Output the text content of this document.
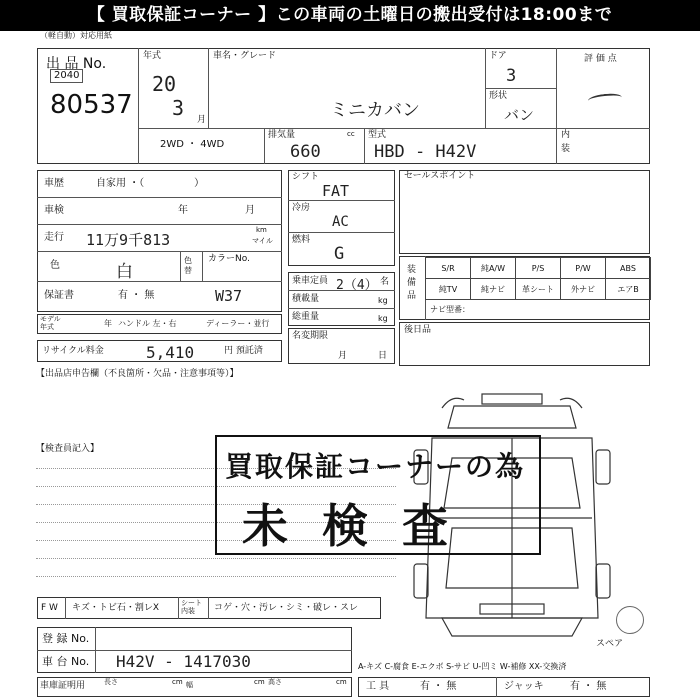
【 買取保証コーナー 】この車両の土曜日の搬出受付は18:00まで
（軽自動）対応用紙
出 品 No.
2040
80537
年式
20
3 月
車名・グレード
ミニカバン
ドア
3
形状
バン
評 価 点
内
装
2WD ・ 4WD
排気量	cc
660
型式
HBD - H42V
車歴	自家用 ・（　　　　　）
車検	年	月
走行 11万9千813
km
マイル
色	白
色替
カラーNo.
保証書	有 ・ 無	W37
モデル年式	年 ハンドル 左・右	ディーラー・並行
リサイクル料金	5,410	円 預託済
【出品店申告欄（不良箇所・欠品・注意事項等）】
シフト
FAT
冷房
AC
燃料
G
乗車定員 2（4） 名
積載量	kg
総重量	kg
名変期限
月	日
セールスポイント
装備品
ナビ型番：
後日品
スペア
【検査員記入】
買取保証コーナーの為
未検査
F W キズ・トビ石・割レX	シート内装	コゲ・穴・汚レ・シミ・破レ・スレ
登 録 No.
車 台 No. H42V - 1417030
車庫証明用	長さ	cm 幅	cm 高さ	cm
A-キズ C-腐食 E-エクボ S-サビ U-凹ミ W-補修 XX-交換済
工 具	有 ・ 無	ジャッキ	有 ・ 無
S/R	純A/W	P/S	P/W	ABS
純TV	純ナビ	革シート	外ナビ	エアB
